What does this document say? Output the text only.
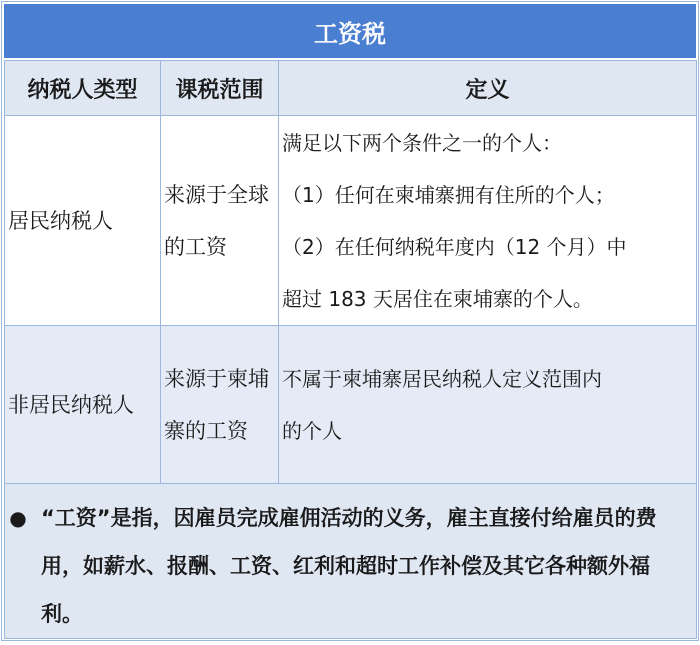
工资税
纳税人类型	课税范围	定义

居民纳税人	来源于全球的工资	满足以下两个条件之一的个人：
（1）任何在柬埔寨拥有住所的个人；
（2）在任何纳税年度内（12 个月）中
超过 183 天居住在柬埔寨的个人。

非居民纳税人	来源于柬埔寨的工资	不属于柬埔寨居民纳税人定义范围内
的个人

● “工资”是指，因雇员完成雇佣活动的义务，雇主直接付给雇员的费用，如薪水、报酬、工资、红利和超时工作补偿及其它各种额外福利。		
